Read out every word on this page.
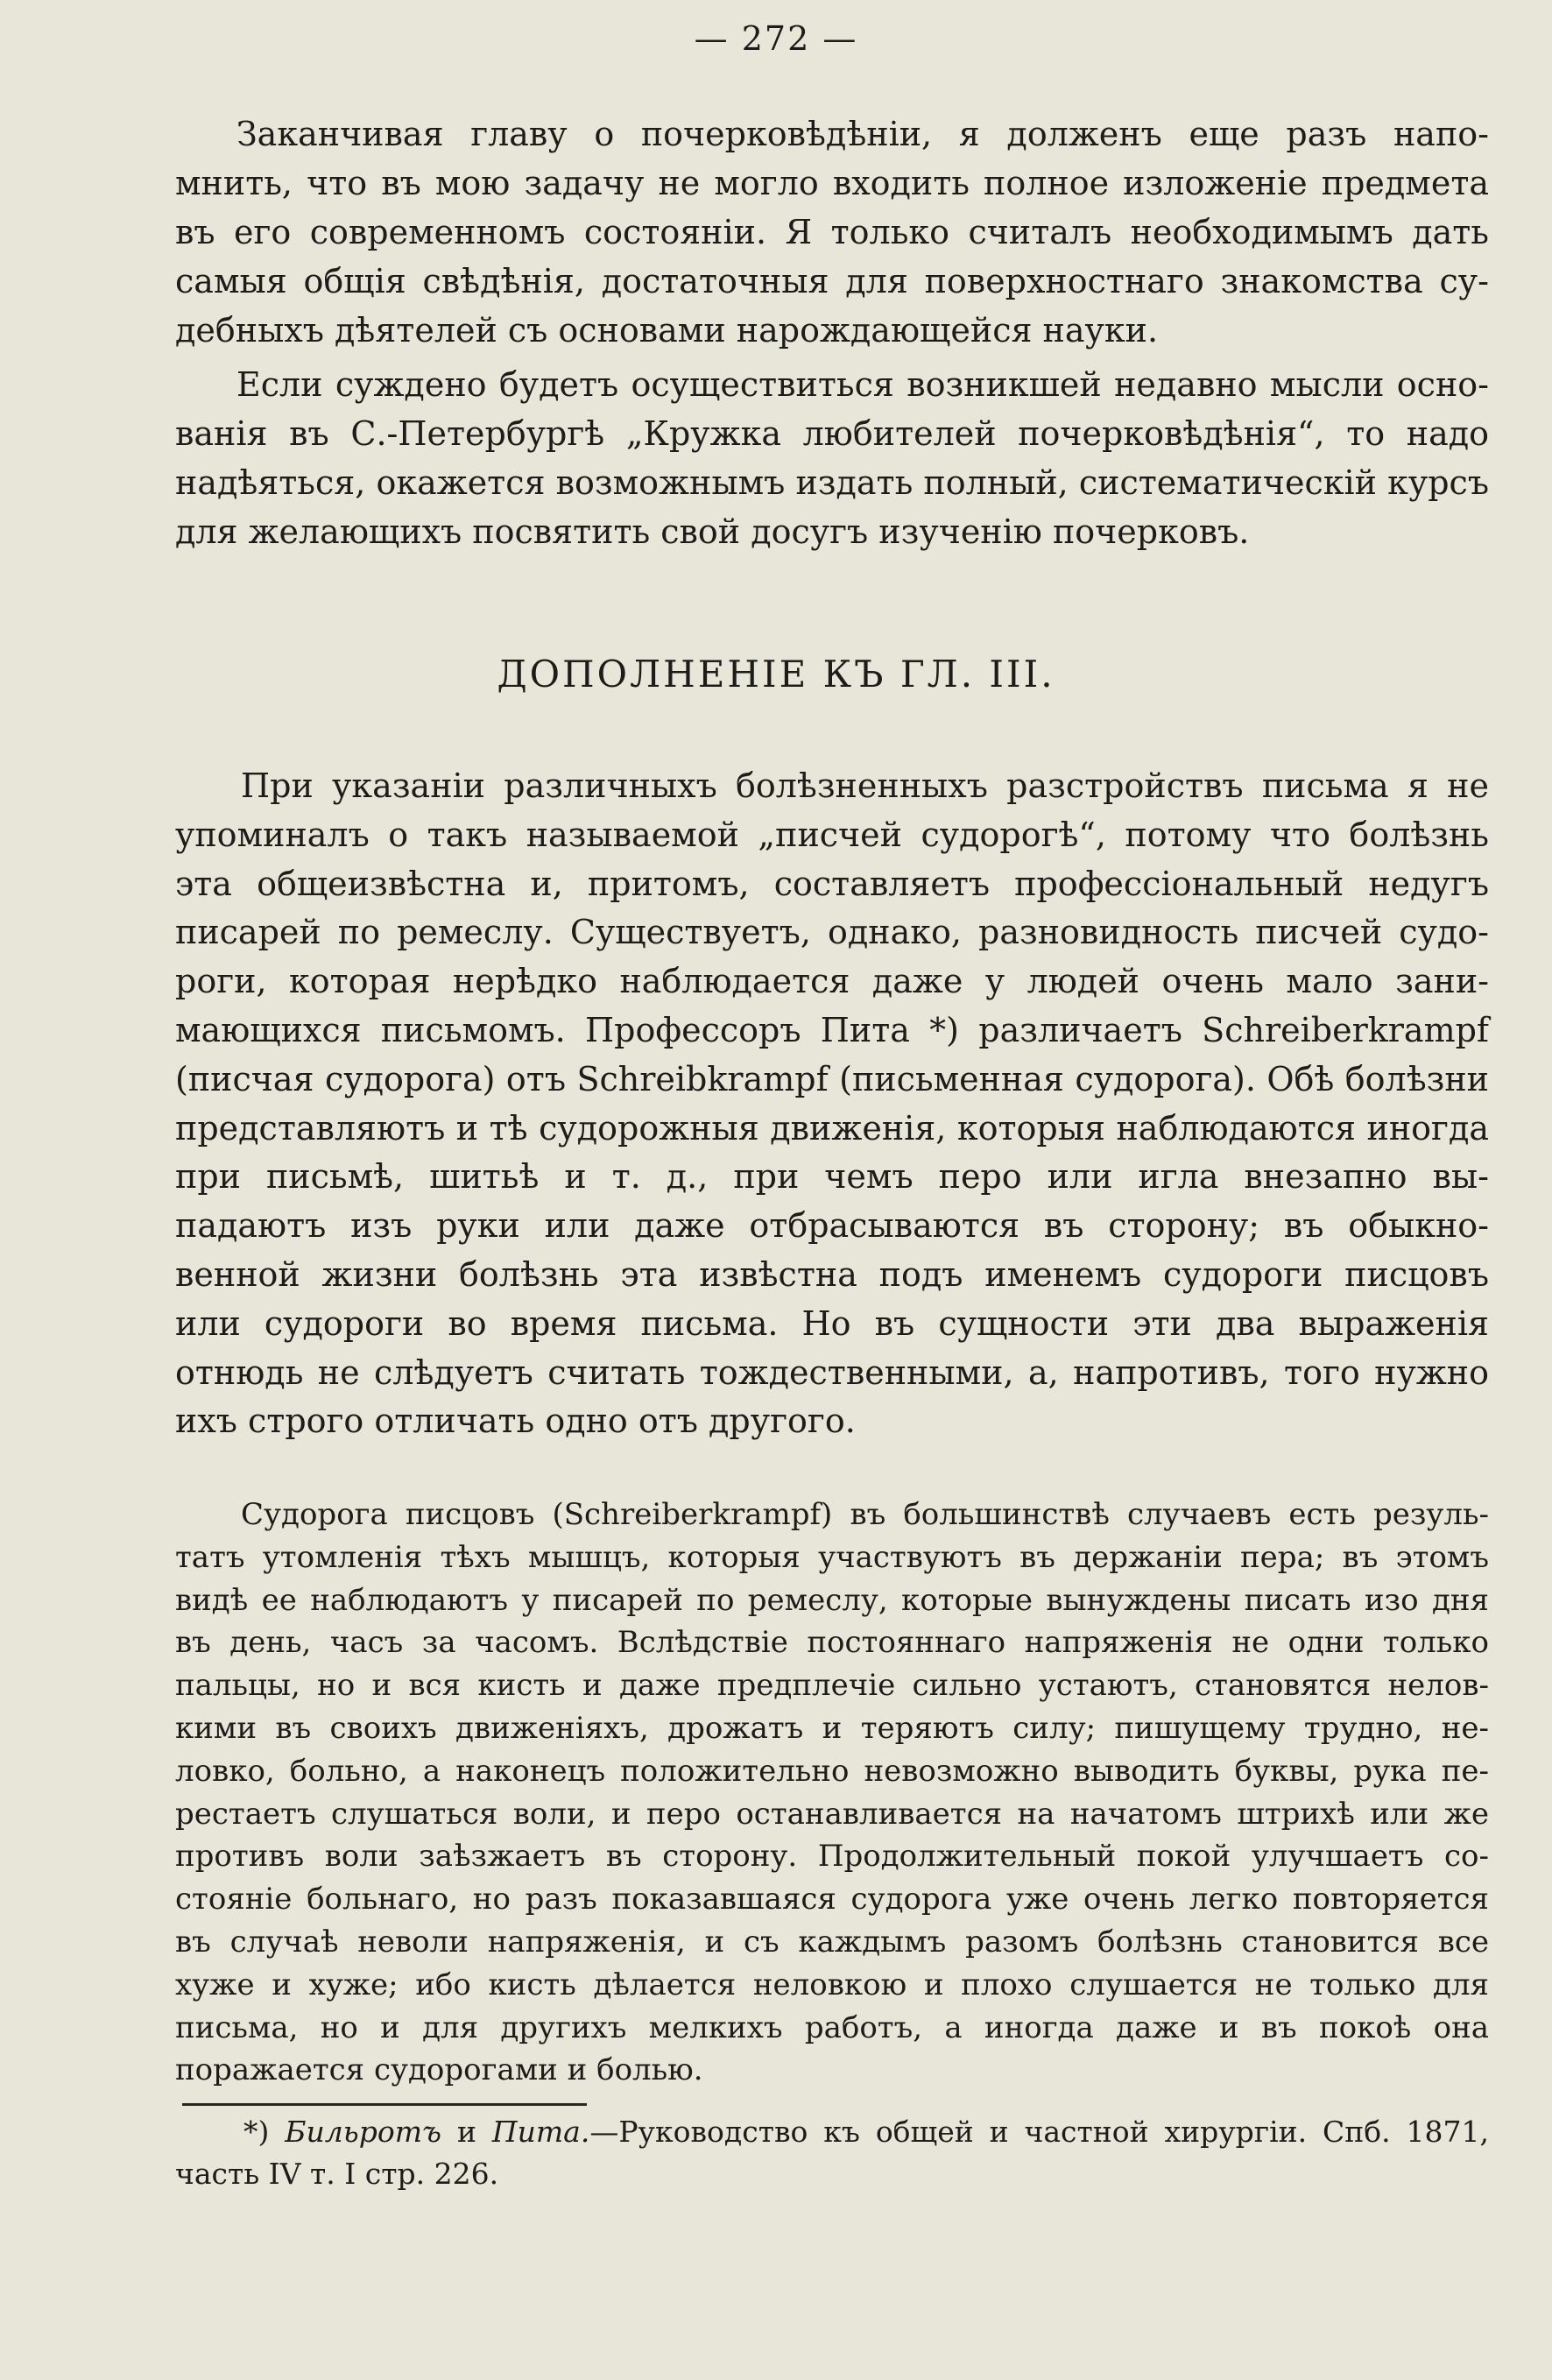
— 272 —
Заканчивая главу о почерковѣдѣніи, я долженъ еще разъ напо-
мнить, что въ мою задачу не могло входить полное изложеніе предмета
въ его современномъ состояніи. Я только считалъ необходимымъ дать
самыя общія свѣдѣнія, достаточныя для поверхностнаго знакомства су-
дебныхъ дѣятелей съ основами нарождающейся науки.
Если суждено будетъ осуществиться возникшей недавно мысли осно-
ванія въ С.-Петербургѣ „Кружка любителей почерковѣдѣнія“, то надо
надѣяться, окажется возможнымъ издать полный, систематическій курсъ
для желающихъ посвятить свой досугъ изученію почерковъ.
ДОПОЛНЕНІЕ КЪ ГЛ. III.
При указаніи различныхъ болѣзненныхъ разстройствъ письма я не
упоминалъ о такъ называемой „писчей судорогѣ“, потому что болѣзнь
эта общеизвѣстна и, притомъ, составляетъ профессіональный недугъ
писарей по ремеслу. Существуетъ, однако, разновидность писчей судо-
роги, которая нерѣдко наблюдается даже у людей очень мало зани-
мающихся письмомъ. Профессоръ Пита *) различаетъ Schreiberkrampf
(писчая судорога) отъ Schreibkrampf (письменная судорога). Обѣ болѣзни
представляютъ и тѣ судорожныя движенія, которыя наблюдаются иногда
при письмѣ, шитьѣ и т. д., при чемъ перо или игла внезапно вы-
падаютъ изъ руки или даже отбрасываются въ сторону; въ обыкно-
венной жизни болѣзнь эта извѣстна подъ именемъ судороги писцовъ
или судороги во время письма. Но въ сущности эти два выраженія
отнюдь не слѣдуетъ считать тождественными, а, напротивъ, того нужно
ихъ строго отличать одно отъ другого.
Судорога писцовъ (Schreiberkrampf) въ большинствѣ случаевъ есть резуль-
татъ утомленія тѣхъ мышцъ, которыя участвуютъ въ держаніи пера; въ этомъ
видѣ ее наблюдаютъ у писарей по ремеслу, которые вынуждены писать изо дня
въ день, часъ за часомъ. Вслѣдствіе постояннаго напряженія не одни только
пальцы, но и вся кисть и даже предплечіе сильно устаютъ, становятся нелов-
кими въ своихъ движеніяхъ, дрожатъ и теряютъ силу; пишущему трудно, не-
ловко, больно, а наконецъ положительно невозможно выводить буквы, рука пе-
рестаетъ слушаться воли, и перо останавливается на начатомъ штрихѣ или же
противъ воли заѣзжаетъ въ сторону. Продолжительный покой улучшаетъ со-
стояніе больнаго, но разъ показавшаяся судорога уже очень легко повторяется
въ случаѣ неволи напряженія, и съ каждымъ разомъ болѣзнь становится все
хуже и хуже; ибо кисть дѣлается неловкою и плохо слушается не только для
письма, но и для другихъ мелкихъ работъ, а иногда даже и въ покоѣ она
поражается судорогами и болью.
*) Бильротъ и Пита.—Руководство къ общей и частной хирургіи. Спб. 1871,
часть IV т. I стр. 226.
